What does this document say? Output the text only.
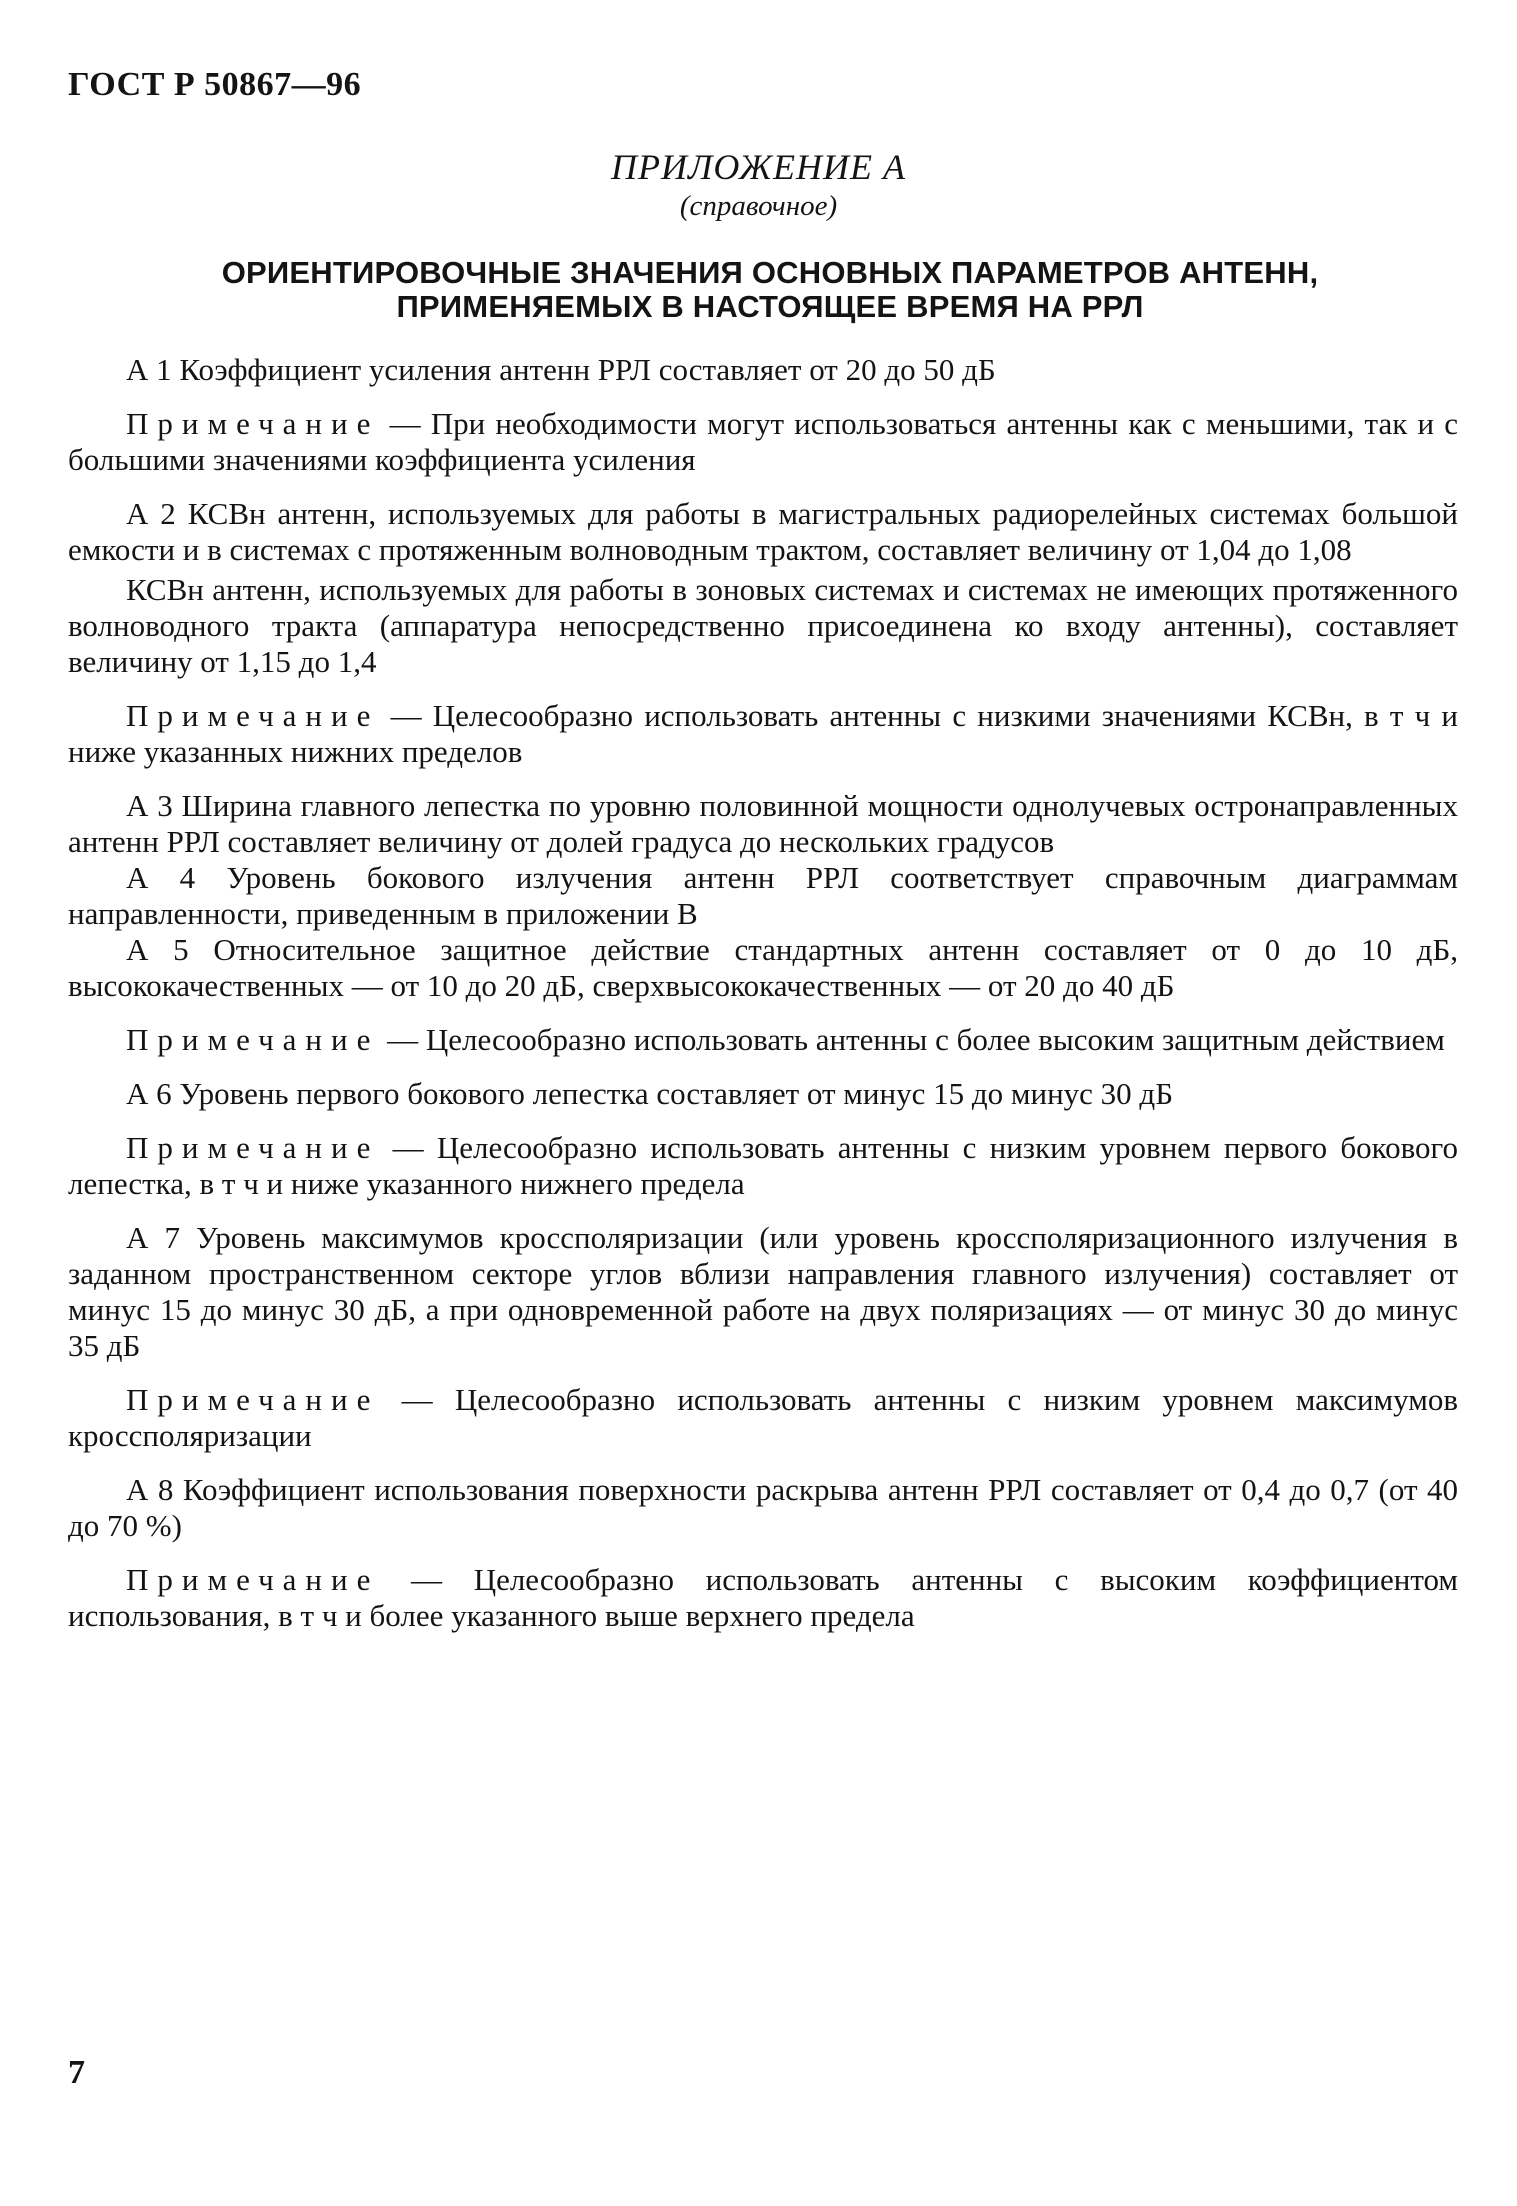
ГОСТ Р 50867—96
ПРИЛОЖЕНИЕ А
(справочное)
ОРИЕНТИРОВОЧНЫЕ ЗНАЧЕНИЯ ОСНОВНЫХ ПАРАМЕТРОВ АНТЕНН,
ПРИМЕНЯЕМЫХ В НАСТОЯЩЕЕ ВРЕМЯ НА РРЛ

А 1 Коэффициент усиления антенн РРЛ составляет от 20 до 50 дБ

Примечание — При необходимости могут использоваться антенны как с меньшими, так и с большими значениями коэффициента усиления

А 2 КСВн антенн, используемых для работы в магистральных радиорелейных системах большой емкости и в системах с протяженным волноводным трактом, составляет величину от 1,04 до 1,08

КСВн антенн, используемых для работы в зоновых системах и системах не имеющих протяженного волноводного тракта (аппаратура непосредственно присоединена ко входу антенны), составляет величину от 1,15 до 1,4

Примечание — Целесообразно использовать антенны с низкими значениями КСВн, в т ч и ниже указанных нижних пределов

А 3 Ширина главного лепестка по уровню половинной мощности однолучевых остронаправленных антенн РРЛ составляет величину от долей градуса до нескольких градусов

А 4 Уровень бокового излучения антенн РРЛ соответствует справочным диаграммам направленности, приведенным в приложении В

А 5 Относительное защитное действие стандартных антенн составляет от 0 до 10 дБ, высококачественных — от 10 до 20 дБ, сверхвысококачественных — от 20 до 40 дБ

Примечание — Целесообразно использовать антенны с более высоким защитным действием

А 6 Уровень первого бокового лепестка составляет от минус 15 до минус 30 дБ

Примечание — Целесообразно использовать антенны с низким уровнем первого бокового лепестка, в т ч и ниже указанного нижнего предела

А 7 Уровень максимумов кроссполяризации (или уровень кроссполяризационного излучения в заданном пространственном секторе углов вблизи направления главного излучения) составляет от минус 15 до минус 30 дБ, а при одновременной работе на двух поляризациях — от минус 30 до минус 35 дБ

Примечание — Целесообразно использовать антенны с низким уровнем максимумов кроссполяризации

А 8 Коэффициент использования поверхности раскрыва антенн РРЛ составляет от 0,4 до 0,7 (от 40 до 70 %)

Примечание — Целесообразно использовать антенны с высоким коэффициентом использования, в т ч и более указанного выше верхнего предела

7
